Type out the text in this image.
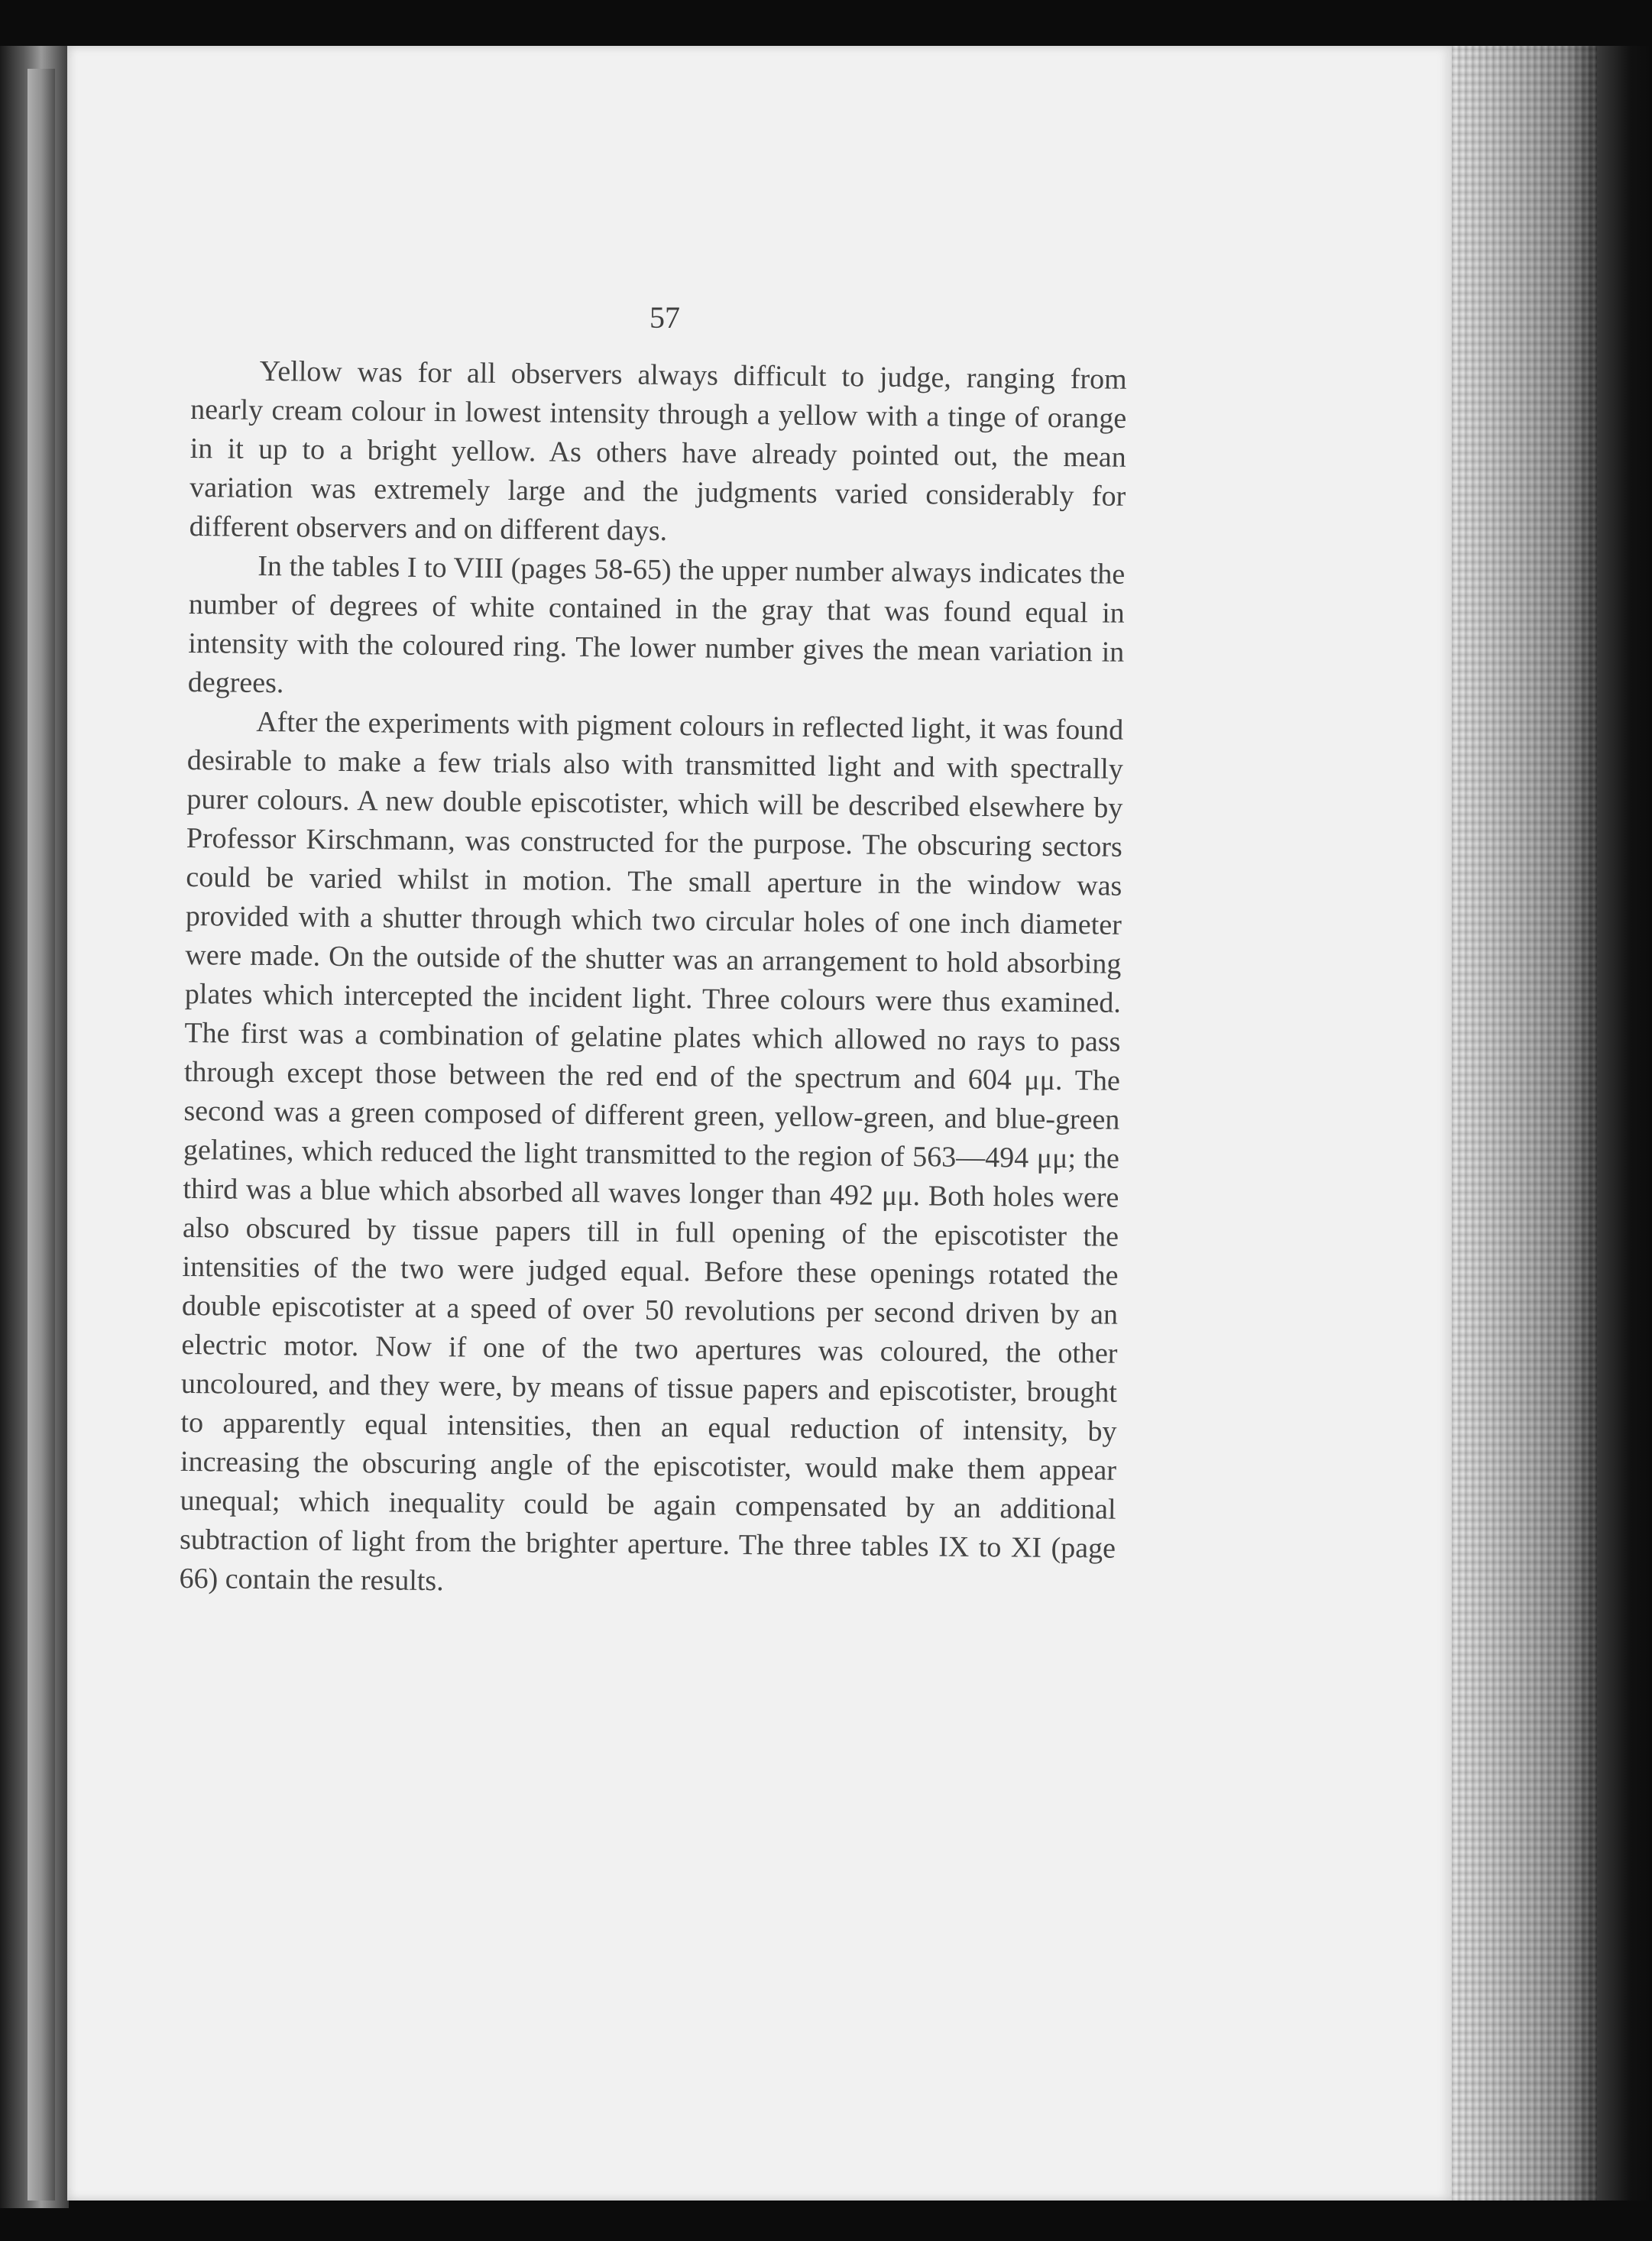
57

Yellow was for all observers always difficult to judge, ranging from nearly cream colour in lowest intensity through a yellow with a tinge of orange in it up to a bright yellow. As others have already pointed out, the mean variation was extremely large and the judgments varied considerably for different observers and on different days.

In the tables I to VIII (pages 58-65) the upper number always indicates the number of degrees of white contained in the gray that was found equal in intensity with the coloured ring. The lower number gives the mean variation in degrees.

After the experiments with pigment colours in reflected light, it was found desirable to make a few trials also with transmitted light and with spectrally purer colours. A new double episcotister, which will be described elsewhere by Professor Kirschmann, was constructed for the purpose. The obscuring sectors could be varied whilst in motion. The small aperture in the window was provided with a shutter through which two circular holes of one inch diameter were made. On the outside of the shutter was an arrangement to hold absorbing plates which intercepted the incident light. Three colours were thus examined. The first was a combination of gelatine plates which allowed no rays to pass through except those between the red end of the spectrum and 604 μμ. The second was a green composed of different green, yellow-green, and blue-green gelatines, which reduced the light transmitted to the region of 563—494 μμ; the third was a blue which absorbed all waves longer than 492 μμ. Both holes were also obscured by tissue papers till in full opening of the episcotister the intensities of the two were judged equal. Before these openings rotated the double episcotister at a speed of over 50 revolutions per second driven by an electric motor. Now if one of the two apertures was coloured, the other uncoloured, and they were, by means of tissue papers and episcotister, brought to apparently equal intensities, then an equal reduction of intensity, by increasing the obscuring angle of the episcotister, would make them appear unequal; which inequality could be again compensated by an additional subtraction of light from the brighter aperture. The three tables IX to XI (page 66) contain the results.
